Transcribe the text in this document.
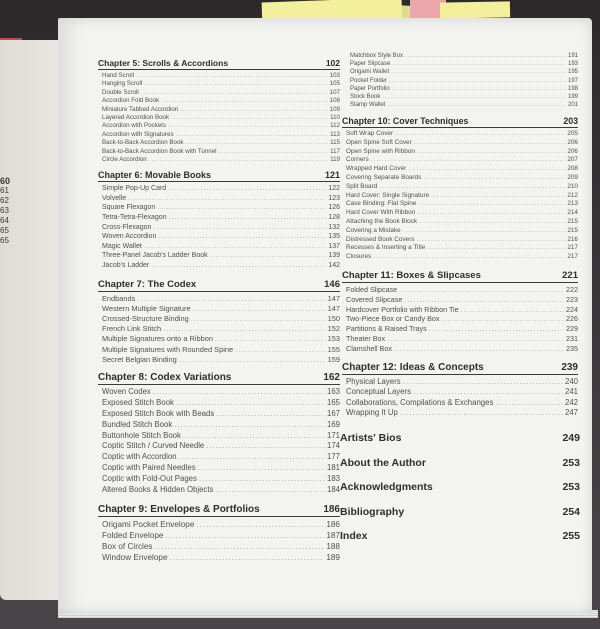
60
61
62
63
64
65
65
Chapter 5: Scrolls & Accordions	102
Hand Scroll .....	103
Hanging Scroll .....	105
Double Scroll .....	107
Accordion Fold Book .....	108
Miniature Tabbed Accordion .....	109
Layered Accordion Book .....	110
Accordion with Pockets .....	112
Accordion with Signatures .....	113
Back-to-Back Accordion Book .....	115
Back-to-Back Accordion Book with Tunnel .....	117
Circle Accordion .....	119
Chapter 6: Movable Books	121
Simple Pop-Up Card .....	122
Volvelle .....	123
Square Flexagon .....	126
Tetra-Tetra-Flexagon .....	128
Cross-Flexagon .....	132
Woven Accordion .....	135
Magic Wallet .....	137
Three-Panel Jacob's Ladder Book .....	139
Jacob's Ladder .....	142
Chapter 7: The Codex	146
Endbands .....	147
Western Multiple Signature .....	147
Crossed-Structure Binding .....	150
French Link Stitch .....	152
Multiple Signatures onto a Ribbon .....	153
Multiple Signatures with Rounded Spine .....	155
Secret Belgian Binding .....	159
Chapter 8: Codex Variations	162
Woven Codex .....	163
Exposed Stitch Book .....	165
Exposed Stitch Book with Beads .....	167
Bundled Stitch Book .....	169
Buttonhole Stitch Book .....	171
Coptic Stitch / Curved Needle .....	174
Coptic with Accordion .....	177
Coptic with Paired Needles .....	181
Coptic with Fold-Out Pages .....	183
Altered Books & Hidden Objects .....	184
Chapter 9: Envelopes & Portfolios	186
Origami Pocket Envelope .....	186
Folded Envelope .....	187
Box of Circles .....	188
Window Envelope .....	189
Matchbox Style Box .....	191
Paper Slipcase .....	193
Origami Wallet .....	195
Pocket Folder .....	197
Paper Portfolio .....	198
Stock Book .....	199
Stamp Wallet .....	201
Chapter 10: Cover Techniques	203
Soft Wrap Cover .....	205
Open Spine Soft Cover .....	206
Open Spine with Ribbon .....	206
Corners .....	207
Wrapped Hard Cover .....	208
Covering Separate Boards .....	209
Split Board .....	210
Hard Cover: Single Signature .....	212
Case Binding: Flat Spine .....	213
Hard Cover With Ribbon .....	214
Attaching the Book Block .....	215
Covering a Mistake .....	215
Distressed Book Covers .....	216
Recesses & Inserting a Title .....	217
Closures .....	217
Chapter 11: Boxes & Slipcases	221
Folded Slipcase .....	222
Covered Slipcase .....	223
Hardcover Portfolio with Ribbon Tie .....	224
Two-Piece Box or Candy Box .....	226
Partitions & Raised Trays .....	229
Theater Box .....	231
Clamshell Box .....	235
Chapter 12: Ideas & Concepts	239
Physical Layers .....	240
Conceptual Layers .....	241
Collaborations, Compilations & Exchanges .....	242
Wrapping It Up .....	247
Artists' Bios	249
About the Author	253
Acknowledgments	253
Bibliography	254
Index	255
